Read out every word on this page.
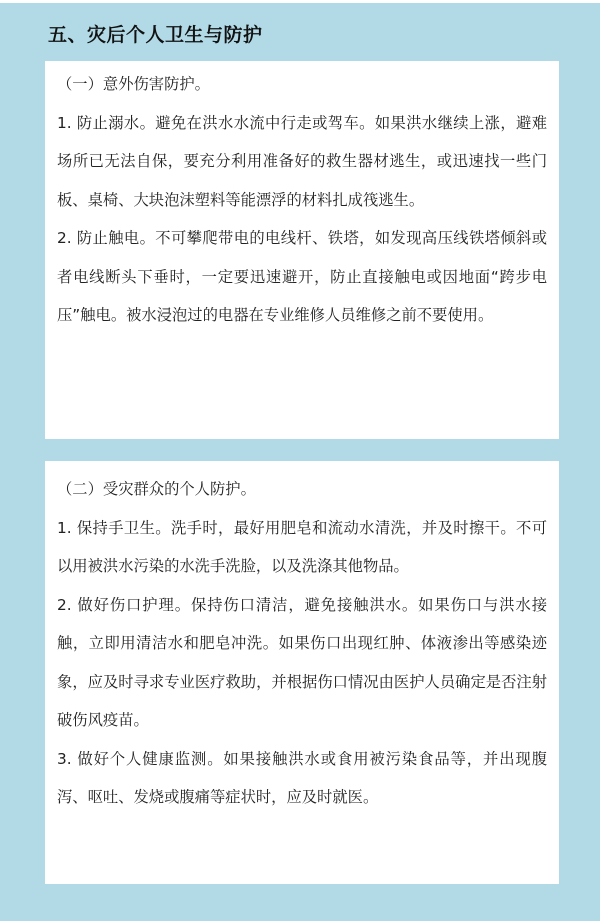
五、灾后个人卫生与防护

（一）意外伤害防护。

1. 防止溺水。避免在洪水水流中行走或驾车。如果洪水继续上涨，避难场所已无法自保，要充分利用准备好的救生器材逃生，或迅速找一些门板、桌椅、大块泡沫塑料等能漂浮的材料扎成筏逃生。

2. 防止触电。不可攀爬带电的电线杆、铁塔，如发现高压线铁塔倾斜或者电线断头下垂时，一定要迅速避开，防止直接触电或因地面“跨步电压”触电。被水浸泡过的电器在专业维修人员维修之前不要使用。

（二）受灾群众的个人防护。

1. 保持手卫生。洗手时，最好用肥皂和流动水清洗，并及时擦干。不可以用被洪水污染的水洗手洗脸，以及洗涤其他物品。

2. 做好伤口护理。保持伤口清洁，避免接触洪水。如果伤口与洪水接触，立即用清洁水和肥皂冲洗。如果伤口出现红肿、体液渗出等感染迹象，应及时寻求专业医疗救助，并根据伤口情况由医护人员确定是否注射破伤风疫苗。

3. 做好个人健康监测。如果接触洪水或食用被污染食品等，并出现腹泻、呕吐、发烧或腹痛等症状时，应及时就医。
